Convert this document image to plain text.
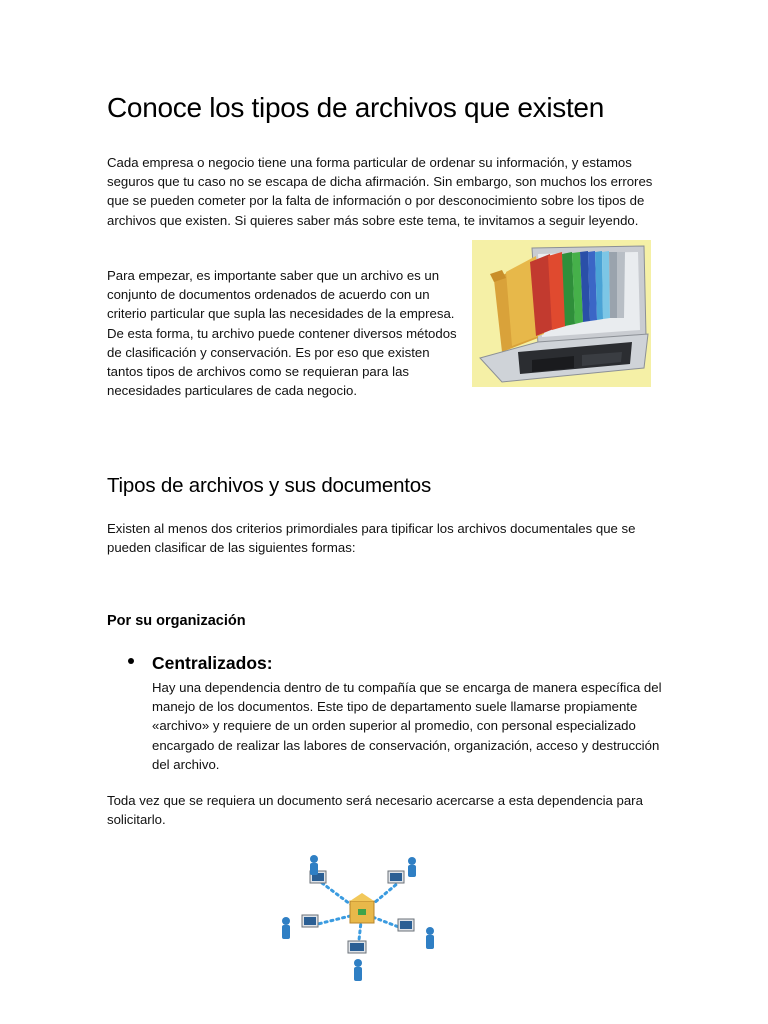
Conoce los tipos de archivos que existen

Cada empresa o negocio tiene una forma particular de ordenar su información, y estamos seguros que tu caso no se escapa de dicha afirmación. Sin embargo, son muchos los errores que se pueden cometer por la falta de información o por desconocimiento sobre los tipos de archivos que existen. Si quieres saber más sobre este tema, te invitamos a seguir leyendo.

Para empezar, es importante saber que un archivo es un conjunto de documentos ordenados de acuerdo con un criterio particular que supla las necesidades de la empresa. De esta forma, tu archivo puede contener diversos métodos de clasificación y conservación. Es por eso que existen tantos tipos de archivos como se requieran para las necesidades particulares de cada negocio.

Tipos de archivos y sus documentos

Existen al menos dos criterios primordiales para tipificar los archivos documentales que se pueden clasificar de las siguientes formas:

Por su organización

Centralizados:

Hay una dependencia dentro de tu compañía que se encarga de manera específica del manejo de los documentos. Este tipo de departamento suele llamarse propiamente «archivo» y requiere de un orden superior al promedio, con personal especializado encargado de realizar las labores de conservación, organización, acceso y destrucción del archivo.

Toda vez que se requiera un documento será necesario acercarse a esta dependencia para solicitarlo.
